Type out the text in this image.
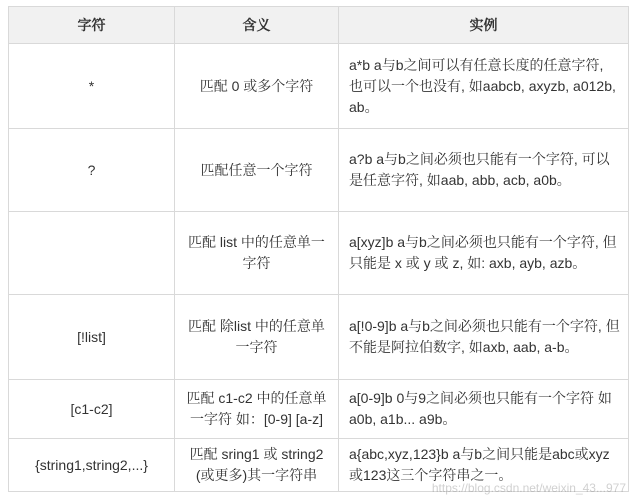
字符	含义	实例
*	匹配 0 或多个字符	a*b a与b之间可以有任意长度的任意字符, 也可以一个也没有, 如aabcb, axyzb, a012b, ab。
?	匹配任意一个字符	a?b a与b之间必须也只能有一个字符, 可以是任意字符, 如aab, abb, acb, a0b。
	匹配 list 中的任意单一字符	a[xyz]b a与b之间必须也只能有一个字符, 但只能是 x 或 y 或 z, 如: axb, ayb, azb。
[!list]	匹配 除list 中的任意单一字符	a[!0-9]b a与b之间必须也只能有一个字符, 但不能是阿拉伯数字, 如axb, aab, a-b。
[c1-c2]	匹配 c1-c2 中的任意单一字符 如：[0-9] [a-z]	a[0-9]b 0与9之间必须也只能有一个字符 如a0b, a1b... a9b。
{string1,string2,...}	匹配 sring1 或 string2 (或更多)其一字符串	a{abc,xyz,123}b a与b之间只能是abc或xyz或123这三个字符串之一。
https://blog.csdn.net/weixin_43...977
